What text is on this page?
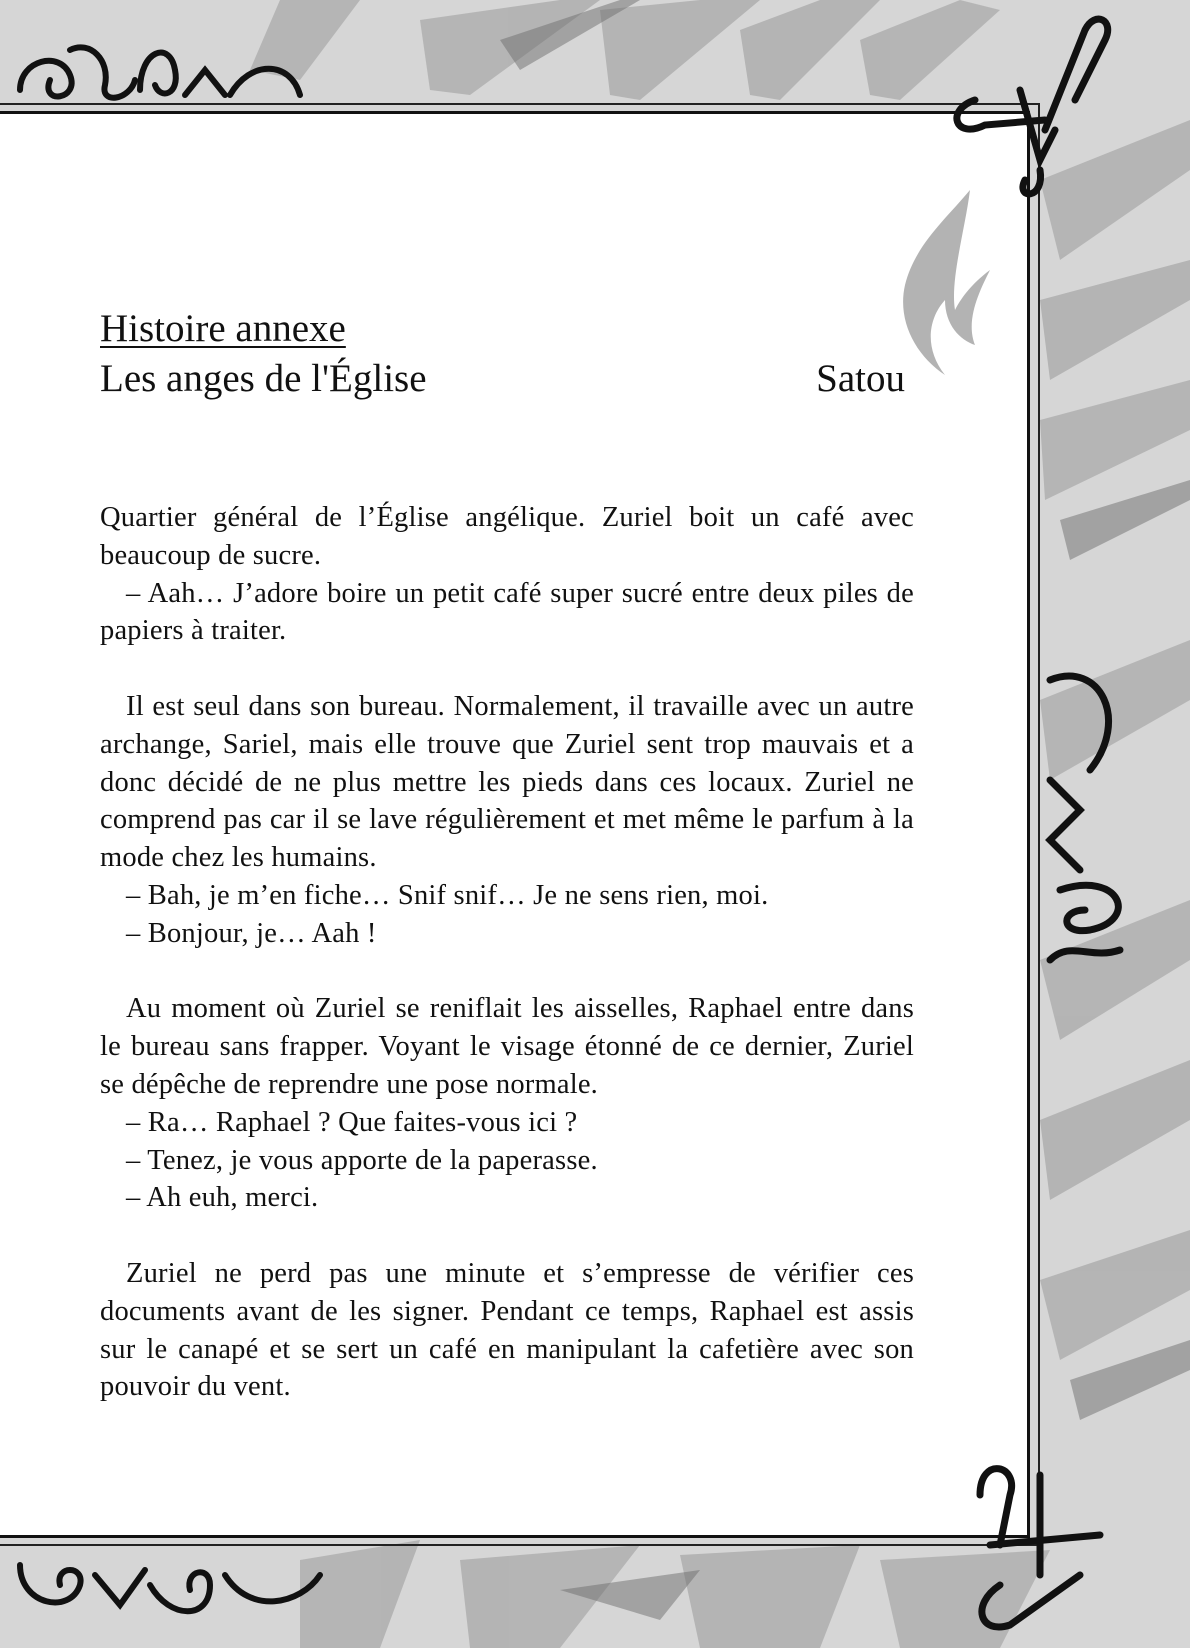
Histoire annexe
Les anges de l'Église	Satou

Quartier général de l’Église angélique. Zuriel boit un café avec beaucoup de sucre.

– Aah… J’adore boire un petit café super sucré entre deux piles de papiers à traiter.

Il est seul dans son bureau. Normalement, il travaille avec un autre archange, Sariel, mais elle trouve que Zuriel sent trop mauvais et a donc décidé de ne plus mettre les pieds dans ces locaux. Zuriel ne comprend pas car il se lave régulièrement et met même le parfum à la mode chez les humains.

– Bah, je m’en fiche… Snif snif… Je ne sens rien, moi.

– Bonjour, je… Aah !

Au moment où Zuriel se reniflait les aisselles, Raphael entre dans le bureau sans frapper. Voyant le visage étonné de ce dernier, Zuriel se dépêche de reprendre une pose normale.

– Ra… Raphael ? Que faites-vous ici ?

– Tenez, je vous apporte de la paperasse.

– Ah euh, merci.

Zuriel ne perd pas une minute et s’empresse de vérifier ces documents avant de les signer. Pendant ce temps, Raphael est assis sur le canapé et se sert un café en manipulant la cafetière avec son pouvoir du vent.
